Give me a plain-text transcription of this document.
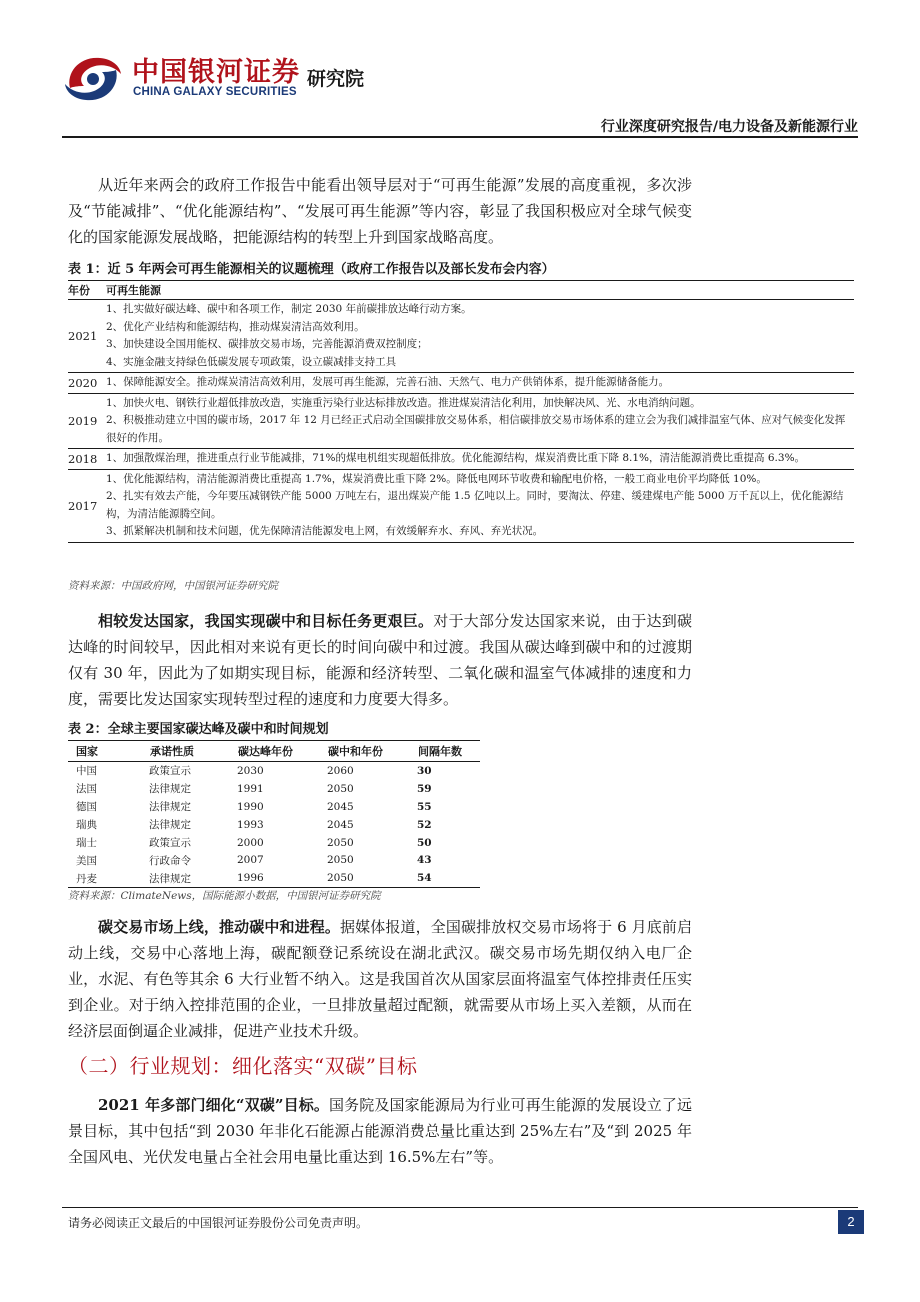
中国银河证券
CHINA GALAXY SECURITIES
研究院
行业深度研究报告/电力设备及新能源行业

从近年来两会的政府工作报告中能看出领导层对于“可再生能源”发展的高度重视，多次涉及“节能减排”、“优化能源结构”、“发展可再生能源”等内容，彰显了我国积极应对全球气候变化的国家能源发展战略，把能源结构的转型上升到国家战略高度。

表 1：近 5 年两会可再生能源相关的议题梳理（政府工作报告以及部长发布会内容）
年份	可再生能源
2021	1、扎实做好碳达峰、碳中和各项工作，制定 2030 年前碳排放达峰行动方案。
2、优化产业结构和能源结构，推动煤炭清洁高效利用。
3、加快建设全国用能权、碳排放交易市场，完善能源消费双控制度；
4、实施金融支持绿色低碳发展专项政策，设立碳减排支持工具

2020	1、保障能源安全。推动煤炭清洁高效利用，发展可再生能源，完善石油、天然气、电力产供销体系，提升能源储备能力。

2019	1、加快火电、钢铁行业超低排放改造，实施重污染行业达标排放改造。推进煤炭清洁化利用，加快解决风、光、水电消纳问题。
2、积极推动建立中国的碳市场，2017 年 12 月已经正式启动全国碳排放交易体系，相信碳排放交易市场体系的建立会为我们减排温室气体、应对气候变化发挥很好的作用。

2018	1、加强散煤治理，推进重点行业节能减排，71%的煤电机组实现超低排放。优化能源结构，煤炭消费比重下降 8.1%，清洁能源消费比重提高 6.3%。

2017	1、优化能源结构，清洁能源消费比重提高 1.7%，煤炭消费比重下降 2%。降低电网环节收费和输配电价格，一般工商业电价平均降低 10%。
2、扎实有效去产能，今年要压减钢铁产能 5000 万吨左右，退出煤炭产能 1.5 亿吨以上。同时，要淘汰、停建、缓建煤电产能 5000 万千瓦以上，优化能源结构，为清洁能源腾空间。
3、抓紧解决机制和技术问题，优先保障清洁能源发电上网，有效缓解弃水、弃风、弃光状况。
资料来源：中国政府网，中国银河证券研究院

相较发达国家，我国实现碳中和目标任务更艰巨。对于大部分发达国家来说，由于达到碳达峰的时间较早，因此相对来说有更长的时间向碳中和过渡。我国从碳达峰到碳中和的过渡期仅有 30 年，因此为了如期实现目标，能源和经济转型、二氧化碳和温室气体减排的速度和力度，需要比发达国家实现转型过程的速度和力度要大得多。

表 2：全球主要国家碳达峰及碳中和时间规划
国家	承诺性质	碳达峰年份	碳中和年份	间隔年数
中国	政策宣示	2030	2060	30
法国	法律规定	1991	2050	59
德国	法律规定	1990	2045	55
瑞典	法律规定	1993	2045	52
瑞士	政策宣示	2000	2050	50
美国	行政命令	2007	2050	43
丹麦	法律规定	1996	2050	54
资料来源：ClimateNews，国际能源小数据，中国银河证券研究院

碳交易市场上线，推动碳中和进程。据媒体报道，全国碳排放权交易市场将于 6 月底前启动上线，交易中心落地上海，碳配额登记系统设在湖北武汉。碳交易市场先期仅纳入电厂企业，水泥、有色等其余 6 大行业暂不纳入。这是我国首次从国家层面将温室气体控排责任压实到企业。对于纳入控排范围的企业，一旦排放量超过配额，就需要从市场上买入差额，从而在经济层面倒逼企业减排，促进产业技术升级。

（二）行业规划：细化落实“双碳”目标

2021 年多部门细化“双碳”目标。国务院及国家能源局为行业可再生能源的发展设立了远景目标，其中包括“到 2030 年非化石能源占能源消费总量比重达到 25%左右”及“到 2025 年全国风电、光伏发电量占全社会用电量比重达到 16.5%左右”等。

请务必阅读正文最后的中国银河证券股份公司免责声明。	2
